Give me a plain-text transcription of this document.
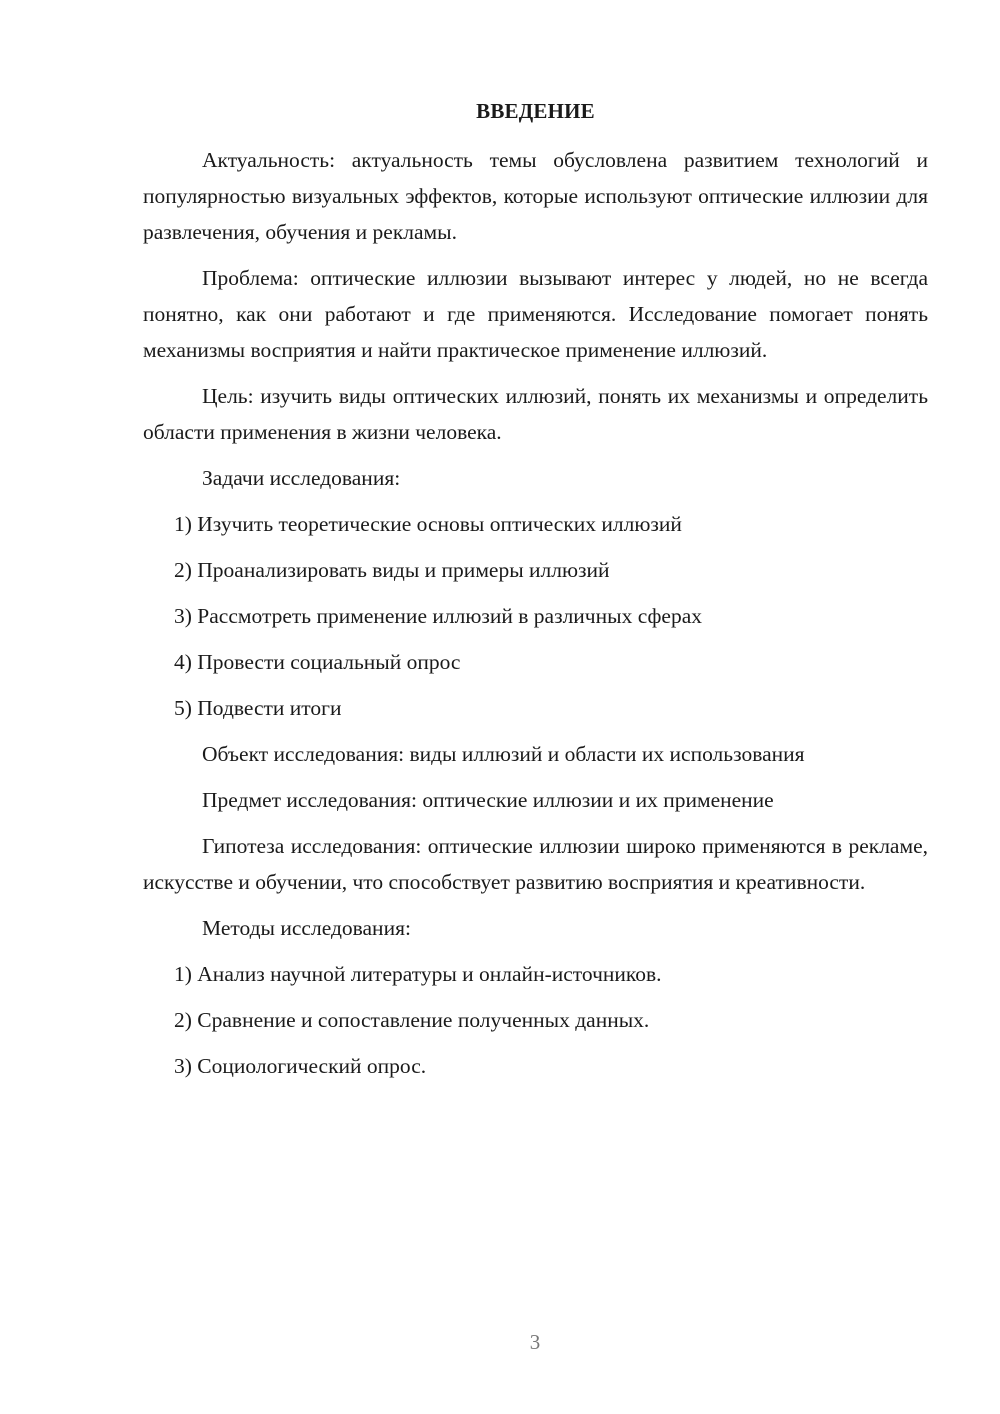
ВВЕДЕНИЕ

Актуальность: актуальность темы обусловлена развитием технологий и популярностью визуальных эффектов, которые используют оптические иллюзии для развлечения, обучения и рекламы.

Проблема: оптические иллюзии вызывают интерес у людей, но не всегда понятно, как они работают и где применяются. Исследование помогает понять механизмы восприятия и найти практическое применение иллюзий.

Цель: изучить виды оптических иллюзий, понять их механизмы и определить области применения в жизни человека.

Задачи исследования:

1) Изучить теоретические основы оптических иллюзий

2) Проанализировать виды и примеры иллюзий

3) Рассмотреть применение иллюзий в различных сферах

4) Провести социальный опрос

5) Подвести итоги

Объект исследования: виды иллюзий и области их использования

Предмет исследования: оптические иллюзии и их применение

Гипотеза исследования: оптические иллюзии широко применяются в рекламе, искусстве и обучении, что способствует развитию восприятия и креативности.

Методы исследования:

1) Анализ научной литературы и онлайн-источников.

2) Сравнение и сопоставление полученных данных.

3) Социологический опрос.

3
